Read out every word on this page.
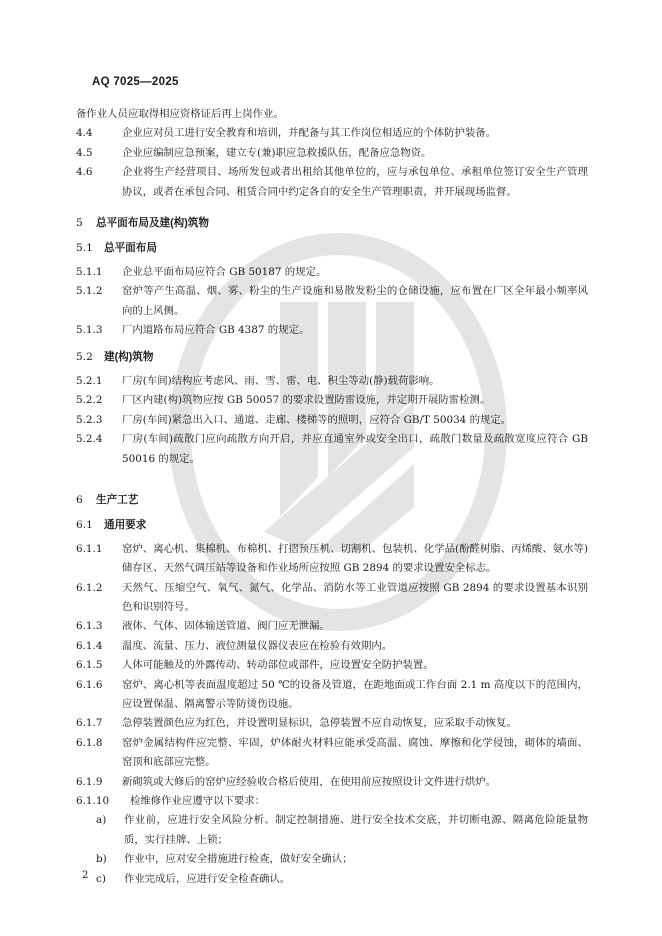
AQ 7025—2025
备作业人员应取得相应资格证后再上岗作业。
4.4	企业应对员工进行安全教育和培训，并配备与其工作岗位相适应的个体防护装备。
4.5	企业应编制应急预案，建立专(兼)职应急救援队伍，配备应急物资。
4.6	企业将生产经营项目、场所发包或者出租给其他单位的，应与承包单位、承租单位签订安全生产管理协议，或者在承包合同、租赁合同中约定各自的安全生产管理职责，并开展现场监督。
5	总平面布局及建(构)筑物
5.1	总平面布局
5.1.1	企业总平面布局应符合 GB 50187 的规定。
5.1.2	窑炉等产生高温、烟、雾、粉尘的生产设施和易散发粉尘的仓储设施，应布置在厂区全年最小频率风向的上风侧。
5.1.3	厂内道路布局应符合 GB 4387 的规定。
5.2	建(构)筑物
5.2.1	厂房(车间)结构应考虑风、雨、雪、雷、电、积尘等动(静)载荷影响。
5.2.2	厂区内建(构)筑物应按 GB 50057 的要求设置防雷设施，并定期开展防雷检测。
5.2.3	厂房(车间)紧急出入口、通道、走廊、楼梯等的照明，应符合 GB/T 50034 的规定。
5.2.4	厂房(车间)疏散门应向疏散方向开启，并应直通室外或安全出口，疏散门数量及疏散宽度应符合 GB 50016 的规定。
6	生产工艺
6.1	通用要求
6.1.1	窑炉、离心机、集棉机、布棉机、打摺预压机、切割机、包装机、化学品(酚醛树脂、丙烯酸、氨水等)储存区、天然气调压站等设备和作业场所应按照 GB 2894 的要求设置安全标志。
6.1.2	天然气、压缩空气、氧气、氮气、化学品、消防水等工业管道应按照 GB 2894 的要求设置基本识别色和识别符号。
6.1.3	液体、气体、固体输送管道、阀门应无泄漏。
6.1.4	温度、流量、压力、液位测量仪器仪表应在检验有效期内。
6.1.5	人体可能触及的外露传动、转动部位或部件，应设置安全防护装置。
6.1.6	窑炉、离心机等表面温度超过 50 ℃的设备及管道，在距地面或工作台面 2.1 m 高度以下的范围内，应设置保温、隔离警示等防烫伤设施。
6.1.7	急停装置颜色应为红色，并设置明显标识，急停装置不应自动恢复，应采取手动恢复。
6.1.8	窑炉金属结构件应完整、牢固，炉体耐火材料应能承受高温、腐蚀、摩擦和化学侵蚀，砌体的墙面、窑顶和底部应完整。
6.1.9	新砌筑或大修后的窑炉应经验收合格后使用，在使用前应按照设计文件进行烘炉。
6.1.10	检维修作业应遵守以下要求：
a)	作业前，应进行安全风险分析、制定控制措施、进行安全技术交底，并切断电源、隔离危险能量物质，实行挂牌、上锁；
b)	作业中，应对安全措施进行检查，做好安全确认；
c)	作业完成后，应进行安全检查确认。
2
